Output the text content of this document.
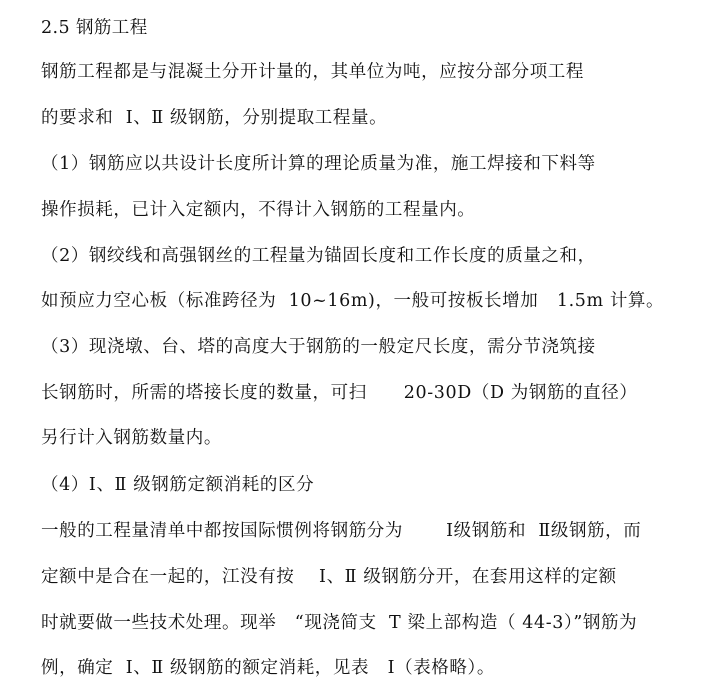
2.5 钢筋工程
钢筋工程都是与混凝土分开计量的，其单位为吨，应按分部分项工程
的要求和  Ⅰ、Ⅱ 级钢筋，分别提取工程量。
（1）钢筋应以共设计长度所计算的理论质量为准，施工焊接和下料等
操作损耗，已计入定额内，不得计入钢筋的工程量内。
（2）钢绞线和高强钢丝的工程量为锚固长度和工作长度的质量之和，
如预应力空心板（标准跨径为  10~16m)，一般可按板长增加   1.5m 计算。
（3）现浇墩、台、塔的高度大于钢筋的一般定尺长度，需分节浇筑接
长钢筋时，所需的塔接长度的数量，可扫      20-30D（D 为钢筋的直径）
另行计入钢筋数量内。
（4）Ⅰ、Ⅱ 级钢筋定额消耗的区分
一般的工程量清单中都按国际惯例将钢筋分为       Ⅰ级钢筋和  Ⅱ级钢筋，而
定额中是合在一起的，江没有按    Ⅰ、Ⅱ 级钢筋分开，在套用这样的定额
时就要做一些技术处理。现举   “现浇简支  T 梁上部构造（ 44-3）”钢筋为
例，确定  Ⅰ、Ⅱ 级钢筋的额定消耗，见表   Ⅰ（表格略）。
